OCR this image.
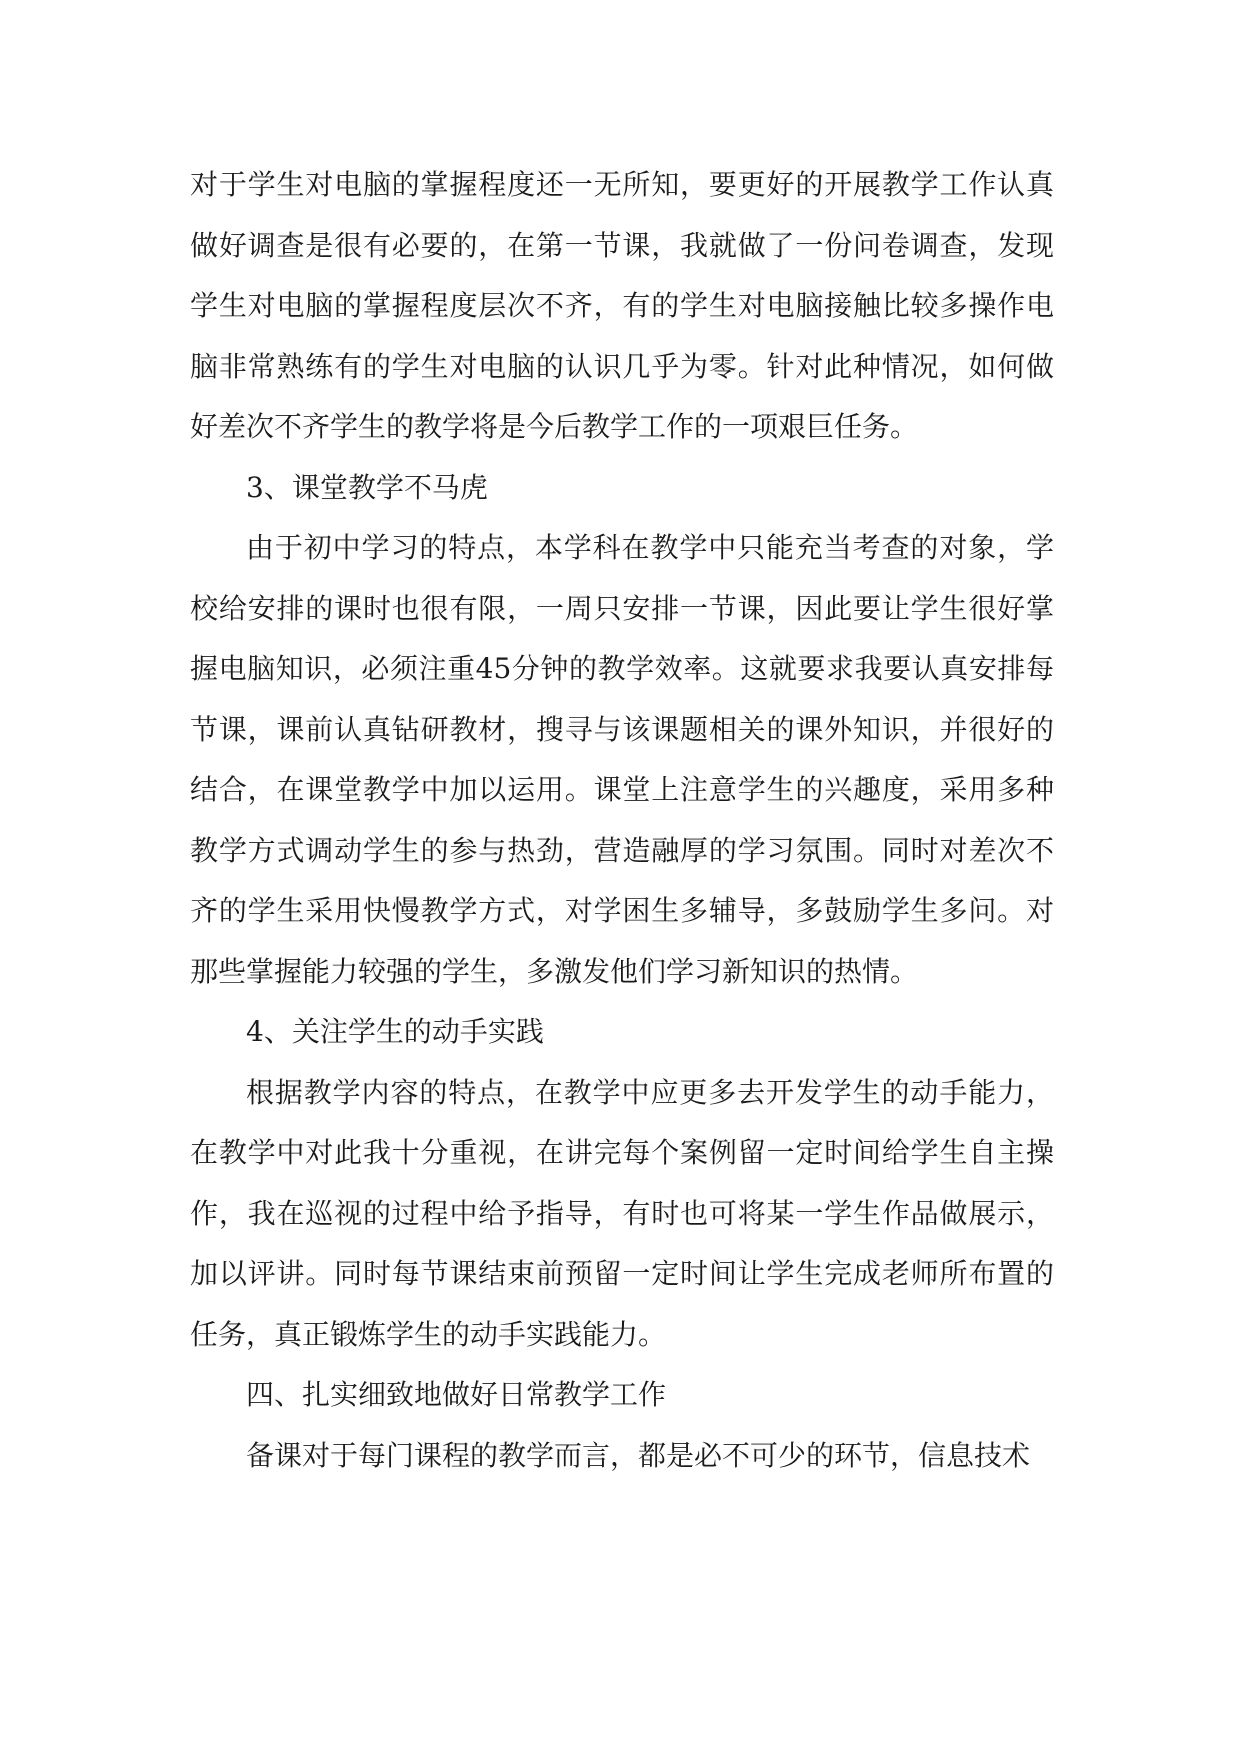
对于学生对电脑的掌握程度还一无所知，要更好的开展教学工作认真做好调查是很有必要的，在第一节课，我就做了一份问卷调查，发现学生对电脑的掌握程度层次不齐，有的学生对电脑接触比较多操作电脑非常熟练有的学生对电脑的认识几乎为零。针对此种情况，如何做好差次不齐学生的教学将是今后教学工作的一项艰巨任务。

3、课堂教学不马虎

由于初中学习的特点，本学科在教学中只能充当考查的对象，学校给安排的课时也很有限，一周只安排一节课，因此要让学生很好掌握电脑知识，必须注重45分钟的教学效率。这就要求我要认真安排每节课，课前认真钻研教材，搜寻与该课题相关的课外知识，并很好的结合，在课堂教学中加以运用。课堂上注意学生的兴趣度，采用多种教学方式调动学生的参与热劲，营造融厚的学习氛围。同时对差次不齐的学生采用快慢教学方式，对学困生多辅导，多鼓励学生多问。对那些掌握能力较强的学生，多激发他们学习新知识的热情。

4、关注学生的动手实践

根据教学内容的特点，在教学中应更多去开发学生的动手能力，在教学中对此我十分重视，在讲完每个案例留一定时间给学生自主操作，我在巡视的过程中给予指导，有时也可将某一学生作品做展示，加以评讲。同时每节课结束前预留一定时间让学生完成老师所布置的任务，真正锻炼学生的动手实践能力。

四、扎实细致地做好日常教学工作

备课对于每门课程的教学而言，都是必不可少的环节，信息技术
